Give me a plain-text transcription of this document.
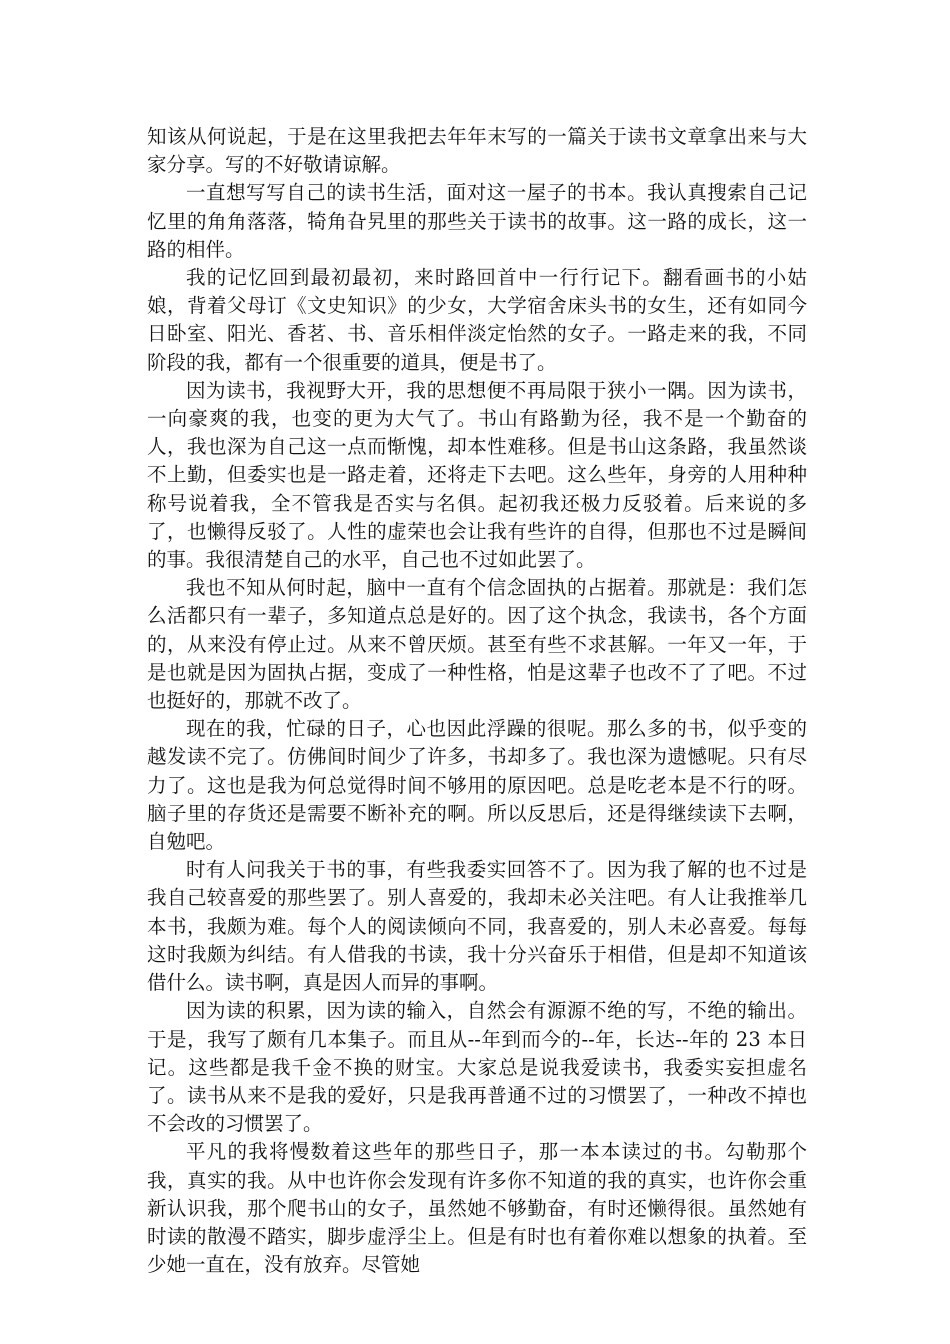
知该从何说起，于是在这里我把去年年末写的一篇关于读书文章拿出来与大家分享。写的不好敬请谅解。

一直想写写自己的读书生活，面对这一屋子的书本。我认真搜索自己记忆里的角角落落，犄角旮旯里的那些关于读书的故事。这一路的成长，这一路的相伴。

我的记忆回到最初最初，来时路回首中一行行记下。翻看画书的小姑娘，背着父母订《文史知识》的少女，大学宿舍床头书的女生，还有如同今日卧室、阳光、香茗、书、音乐相伴淡定怡然的女子。一路走来的我，不同阶段的我，都有一个很重要的道具，便是书了。

因为读书，我视野大开，我的思想便不再局限于狭小一隅。因为读书，一向豪爽的我，也变的更为大气了。书山有路勤为径，我不是一个勤奋的人，我也深为自己这一点而惭愧，却本性难移。但是书山这条路，我虽然谈不上勤，但委实也是一路走着，还将走下去吧。这么些年，身旁的人用种种称号说着我，全不管我是否实与名俱。起初我还极力反驳着。后来说的多了，也懒得反驳了。人性的虚荣也会让我有些许的自得，但那也不过是瞬间的事。我很清楚自己的水平，自己也不过如此罢了。

我也不知从何时起，脑中一直有个信念固执的占据着。那就是：我们怎么活都只有一辈子，多知道点总是好的。因了这个执念，我读书，各个方面的，从来没有停止过。从来不曾厌烦。甚至有些不求甚解。一年又一年，于是也就是因为固执占据，变成了一种性格，怕是这辈子也改不了了吧。不过也挺好的，那就不改了。

现在的我，忙碌的日子，心也因此浮躁的很呢。那么多的书，似乎变的越发读不完了。仿佛间时间少了许多，书却多了。我也深为遗憾呢。只有尽力了。这也是我为何总觉得时间不够用的原因吧。总是吃老本是不行的呀。脑子里的存货还是需要不断补充的啊。所以反思后，还是得继续读下去啊，自勉吧。

时有人问我关于书的事，有些我委实回答不了。因为我了解的也不过是我自己较喜爱的那些罢了。别人喜爱的，我却未必关注吧。有人让我推举几本书，我颇为难。每个人的阅读倾向不同，我喜爱的，别人未必喜爱。每每这时我颇为纠结。有人借我的书读，我十分兴奋乐于相借，但是却不知道该借什么。读书啊，真是因人而异的事啊。

因为读的积累，因为读的输入，自然会有源源不绝的写，不绝的输出。于是，我写了颇有几本集子。而且从--年到而今的--年，长达--年的 23 本日记。这些都是我千金不换的财宝。大家总是说我爱读书，我委实妄担虚名了。读书从来不是我的爱好，只是我再普通不过的习惯罢了，一种改不掉也不会改的习惯罢了。

平凡的我将慢数着这些年的那些日子，那一本本读过的书。勾勒那个我，真实的我。从中也许你会发现有许多你不知道的我的真实，也许你会重新认识我，那个爬书山的女子，虽然她不够勤奋，有时还懒得很。虽然她有时读的散漫不踏实，脚步虚浮尘上。但是有时也有着你难以想象的执着。至少她一直在，没有放弃。尽管她
